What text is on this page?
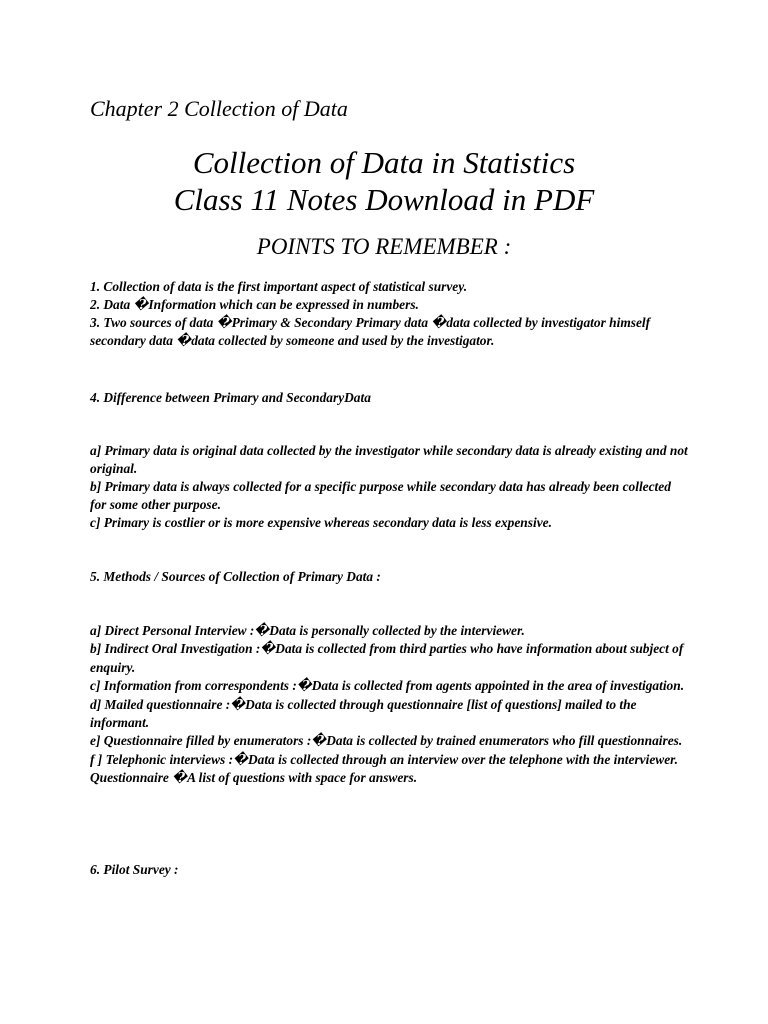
Chapter 2 Collection of Data
Collection of Data in Statistics
Class 11 Notes Download in PDF
POINTS TO REMEMBER :

1. Collection of data is the first important aspect of statistical survey.

2. Data �Information which can be expressed in numbers.

3. Two sources of data �Primary & Secondary Primary data �data collected by investigator himself secondary data �data collected by someone and used by the investigator.

4. Difference between Primary and SecondaryData

a] Primary data is original data collected by the investigator while secondary data is already existing and not original.

b] Primary data is always collected for a specific purpose while secondary data has already been collected for some other purpose.

c] Primary is costlier or is more expensive whereas secondary data is less expensive.

5. Methods / Sources of Collection of Primary Data :

a] Direct Personal Interview :�Data is personally collected by the interviewer.

b] Indirect Oral Investigation :�Data is collected from third parties who have information about subject of enquiry.

c] Information from correspondents :�Data is collected from agents appointed in the area of investigation.

d] Mailed questionnaire :�Data is collected through questionnaire [list of questions] mailed to the informant.

e] Questionnaire filled by enumerators :�Data is collected by trained enumerators who fill questionnaires.

f ] Telephonic interviews :�Data is collected through an interview over the telephone with the interviewer. Questionnaire �A list of questions with space for answers.

6. Pilot Survey :
